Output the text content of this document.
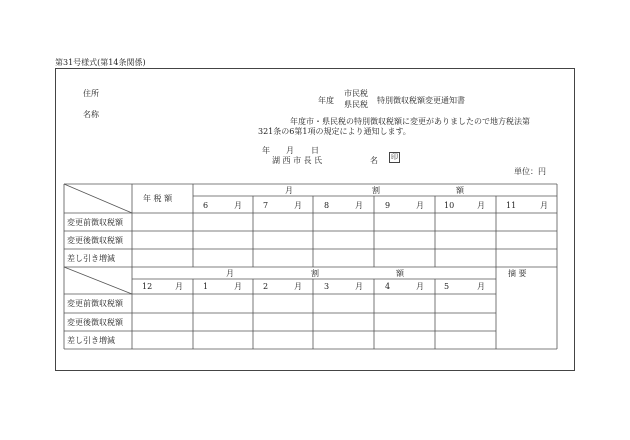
第31号様式(第14条関係)
住所
名称
年度
市民税
県民税 特別徴収税額変更通知書
年度市・県民税の特別徴収税額に変更がありましたので地方税法第
321条の6第1項の規定により通知します。
年 月 日
湖 西 市 長 氏	名 印
単位：円
年 税 額
月	割	額
6	月	7	月	8	月	9	月	10	月	11	月
変更前徴収税額
変更後徴収税額
差し引き増減
月	割	額	摘 要
12	月	1	月	2	月	3	月	4	月	5	月
変更前徴収税額
変更後徴収税額
差し引き増減
